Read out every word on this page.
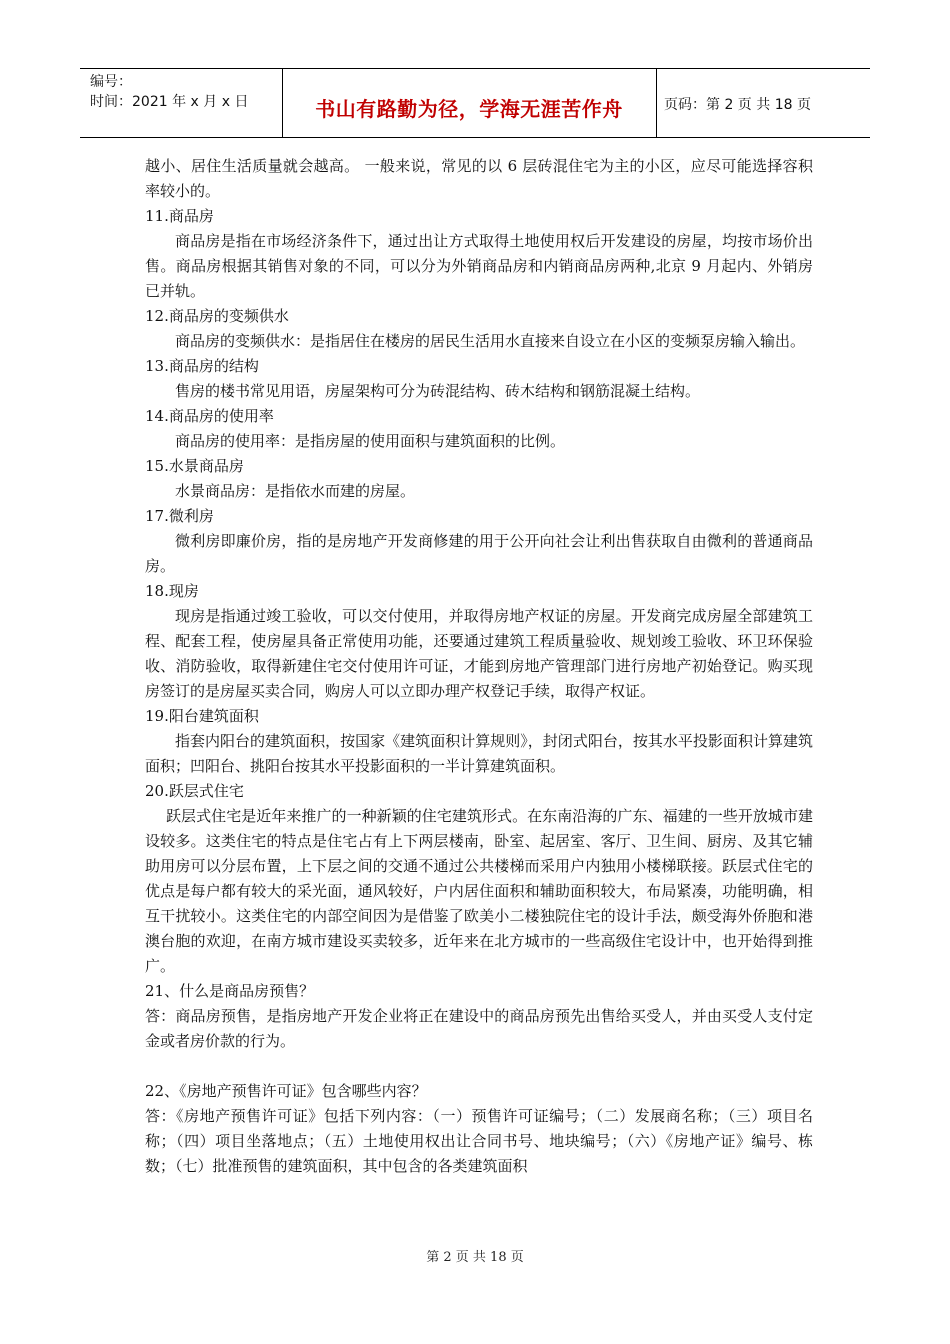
编号：
时间：2021 年 x 月 x 日	书山有路勤为径，学海无涯苦作舟	页码：第 2 页 共 18 页

越小、居住生活质量就会越高。 一般来说，常见的以 6 层砖混住宅为主的小区，应尽可能选择容积率较小的。

11.商品房

商品房是指在市场经济条件下，通过出让方式取得土地使用权后开发建设的房屋，均按市场价出售。商品房根据其销售对象的不同，可以分为外销商品房和内销商品房两种,北京 9 月起内、外销房已并轨。

12.商品房的变频供水

商品房的变频供水：是指居住在楼房的居民生活用水直接来自设立在小区的变频泵房输入输出。

13.商品房的结构

售房的楼书常见用语，房屋架构可分为砖混结构、砖木结构和钢筋混凝土结构。

14.商品房的使用率

商品房的使用率：是指房屋的使用面积与建筑面积的比例。

15.水景商品房

水景商品房：是指依水而建的房屋。

17.微利房

微利房即廉价房，指的是房地产开发商修建的用于公开向社会让利出售获取自由微利的普通商品房。

18.现房

现房是指通过竣工验收，可以交付使用，并取得房地产权证的房屋。开发商完成房屋全部建筑工程、配套工程，使房屋具备正常使用功能，还要通过建筑工程质量验收、规划竣工验收、环卫环保验收、消防验收，取得新建住宅交付使用许可证，才能到房地产管理部门进行房地产初始登记。购买现房签订的是房屋买卖合同，购房人可以立即办理产权登记手续，取得产权证。

19.阳台建筑面积

指套内阳台的建筑面积，按国家《建筑面积计算规则》，封闭式阳台，按其水平投影面积计算建筑面积；凹阳台、挑阳台按其水平投影面积的一半计算建筑面积。

20.跃层式住宅

跃层式住宅是近年来推广的一种新颖的住宅建筑形式。在东南沿海的广东、福建的一些开放城市建设较多。这类住宅的特点是住宅占有上下两层楼南，卧室、起居室、客厅、卫生间、厨房、及其它辅助用房可以分层布置，上下层之间的交通不通过公共楼梯而采用户内独用小楼梯联接。跃层式住宅的优点是每户都有较大的采光面，通风较好，户内居住面积和辅助面积较大，布局紧凑，功能明确，相互干扰较小。这类住宅的内部空间因为是借鉴了欧美小二楼独院住宅的设计手法，颇受海外侨胞和港澳台胞的欢迎，在南方城市建设买卖较多，近年来在北方城市的一些高级住宅设计中，也开始得到推广。

21、什么是商品房预售？

答：商品房预售，是指房地产开发企业将正在建设中的商品房预先出售给买受人，并由买受人支付定金或者房价款的行为。

22、《房地产预售许可证》包含哪些内容？

答：《房地产预售许可证》包括下列内容：（一）预售许可证编号；（二）发展商名称；（三）项目名称；（四）项目坐落地点；（五）土地使用权出让合同书号、地块编号；（六）《房地产证》编号、栋数；（七）批准预售的建筑面积，其中包含的各类建筑面积

第 2 页 共 18 页
